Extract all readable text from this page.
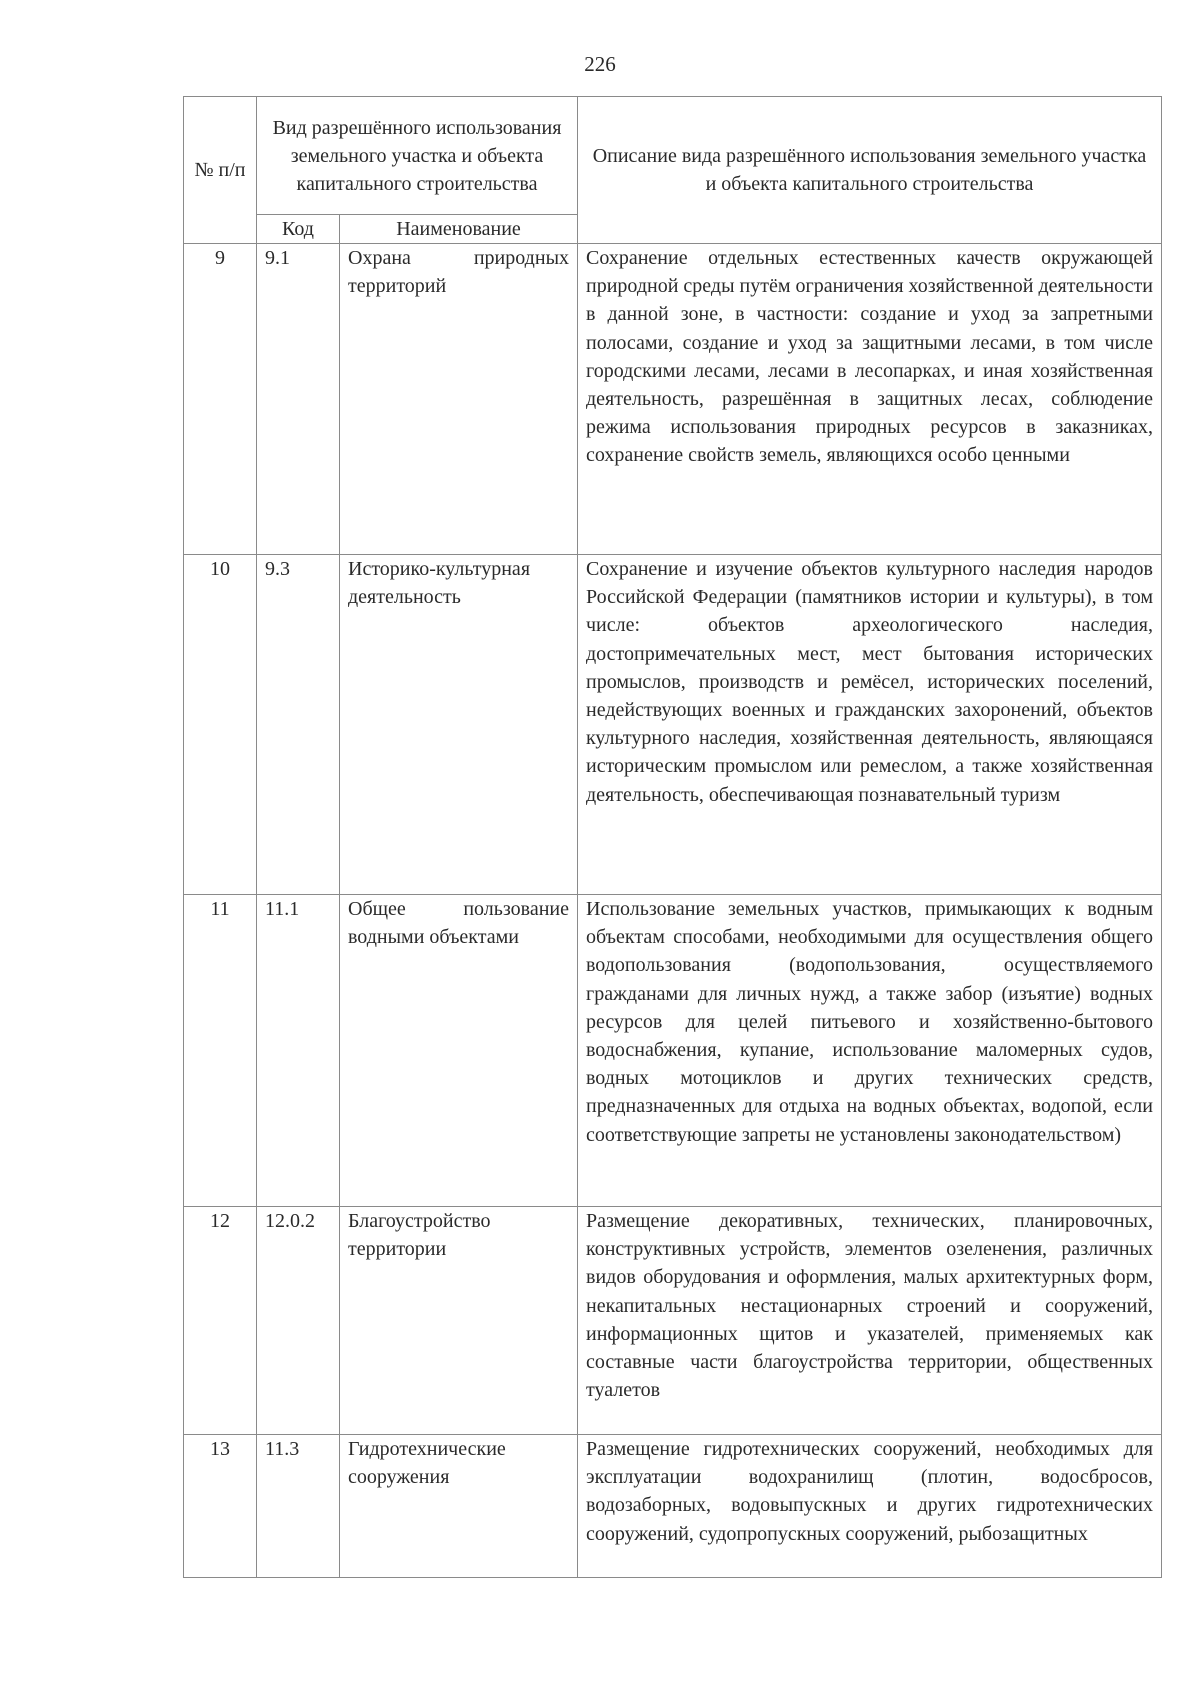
226
№ п/п	Вид разрешённого использования земельного участка и объекта капитального строительства		Описание вида разрешённого использования земельного участка и объекта капитального строительства
	Код	Наименование	
9	9.1	Охрана природных территорий	Сохранение отдельных естественных качеств окружающей природной среды путём ограничения хозяйственной деятельности в данной зоне, в частности: создание и уход за запретными полосами, создание и уход за защитными лесами, в том числе городскими лесами, лесами в лесопарках, и иная хозяйственная деятельность, разрешённая в защитных лесах, соблюдение режима использования природных ресурсов в заказниках, сохранение свойств земель, являющихся особо ценными
10	9.3	Историко-культурная деятельность	Сохранение и изучение объектов культурного наследия народов Российской Федерации (памятников истории и культуры), в том числе: объектов археологического наследия, достопримечательных мест, мест бытования исторических промыслов, производств и ремёсел, исторических поселений, недействующих военных и гражданских захоронений, объектов культурного наследия, хозяйственная деятельность, являющаяся историческим промыслом или ремеслом, а также хозяйственная деятельность, обеспечивающая познавательный туризм
11	11.1	Общее пользование водными объектами	Использование земельных участков, примыкающих к водным объектам способами, необходимыми для осуществления общего водопользования (водопользования, осуществляемого гражданами для личных нужд, а также забор (изъятие) водных ресурсов для целей питьевого и хозяйственно-бытового водоснабжения, купание, использование маломерных судов, водных мотоциклов и других технических средств, предназначенных для отдыха на водных объектах, водопой, если соответствующие запреты не установлены законодательством)
12	12.0.2	Благоустройство территории	Размещение декоративных, технических, планировочных, конструктивных устройств, элементов озеленения, различных видов оборудования и оформления, малых архитектурных форм, некапитальных нестационарных строений и сооружений, информационных щитов и указателей, применяемых как составные части благоустройства территории, общественных туалетов
13	11.3	Гидротехнические сооружения	Размещение гидротехнических сооружений, необходимых для эксплуатации водохранилищ (плотин, водосбросов, водозаборных, водовыпускных и других гидротехнических сооружений, судопропускных сооружений, рыбозащитных
